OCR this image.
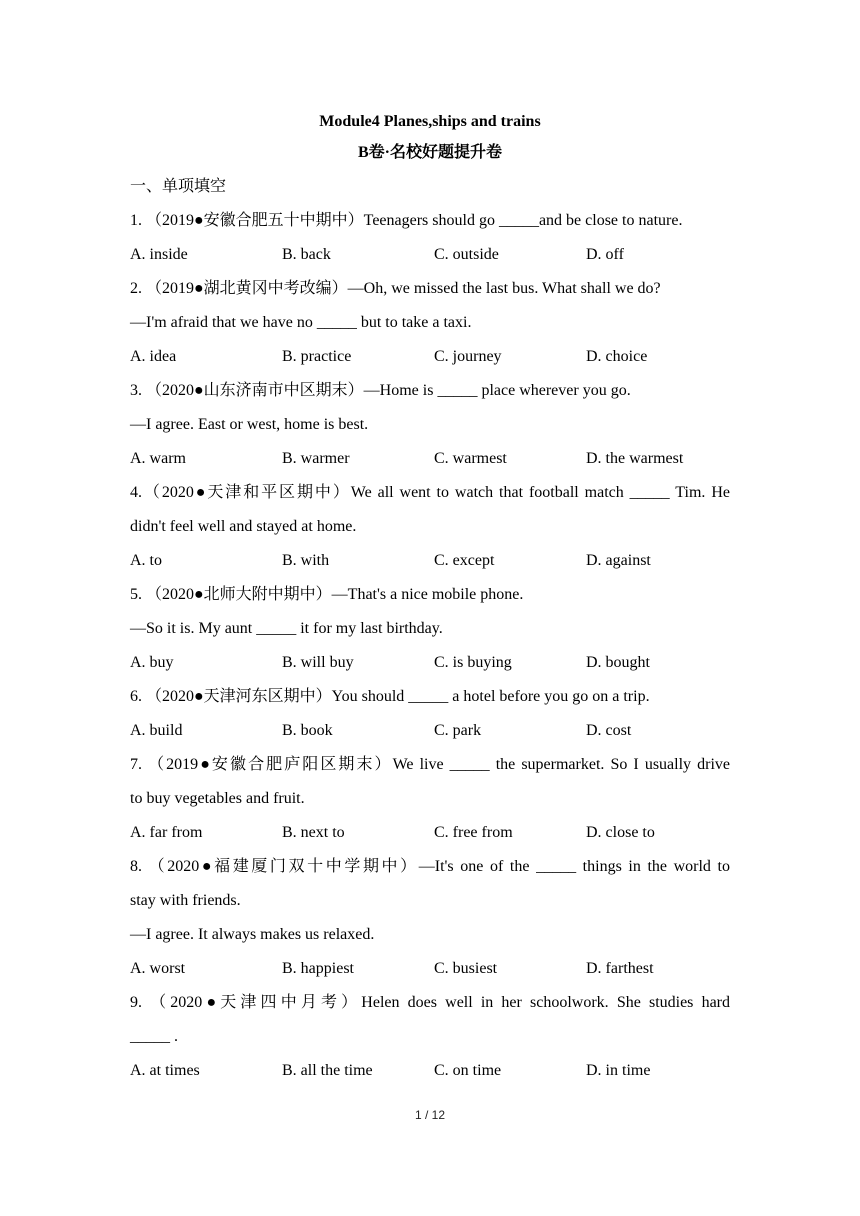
Module4 Planes,ships and trains
B卷·名校好题提升卷
一、单项填空
1. （2019●安徽合肥五十中期中）Teenagers should go _____and be close to nature.
A. inside	B. back	C. outside	D. off
2. （2019●湖北黄冈中考改编）—Oh, we missed the last bus. What shall we do?
—I'm afraid that we have no _____ but to take a taxi.
A. idea	B. practice	C. journey	D. choice
3. （2020●山东济南市中区期末）—Home is _____ place wherever you go.
—I agree. East or west, home is best.
A. warm	B. warmer	C. warmest	D. the warmest
4.（2020●天津和平区期中）We all went to watch that football match _____ Tim. He
didn't feel well and stayed at home.
A. to	B. with	C. except	D. against
5. （2020●北师大附中期中）—That's a nice mobile phone.
—So it is. My aunt _____ it for my last birthday.
A. buy	B. will buy	C. is buying	D. bought
6. （2020●天津河东区期中）You should _____ a hotel before you go on a trip.
A. build	B. book	C. park	D. cost
7. （2019●安徽合肥庐阳区期末）We live _____ the supermarket. So I usually drive
to buy vegetables and fruit.
A. far from	B. next to	C. free from	D. close to
8. （2020●福建厦门双十中学期中）—It's one of the _____ things in the world to
stay with friends.
—I agree. It always makes us relaxed.
A. worst	B. happiest	C. busiest	D. farthest
9. （2020●天津四中月考）Helen does well in her schoolwork. She studies hard
_____ .
A. at times	B. all the time	C. on time	D. in time
1 / 12
